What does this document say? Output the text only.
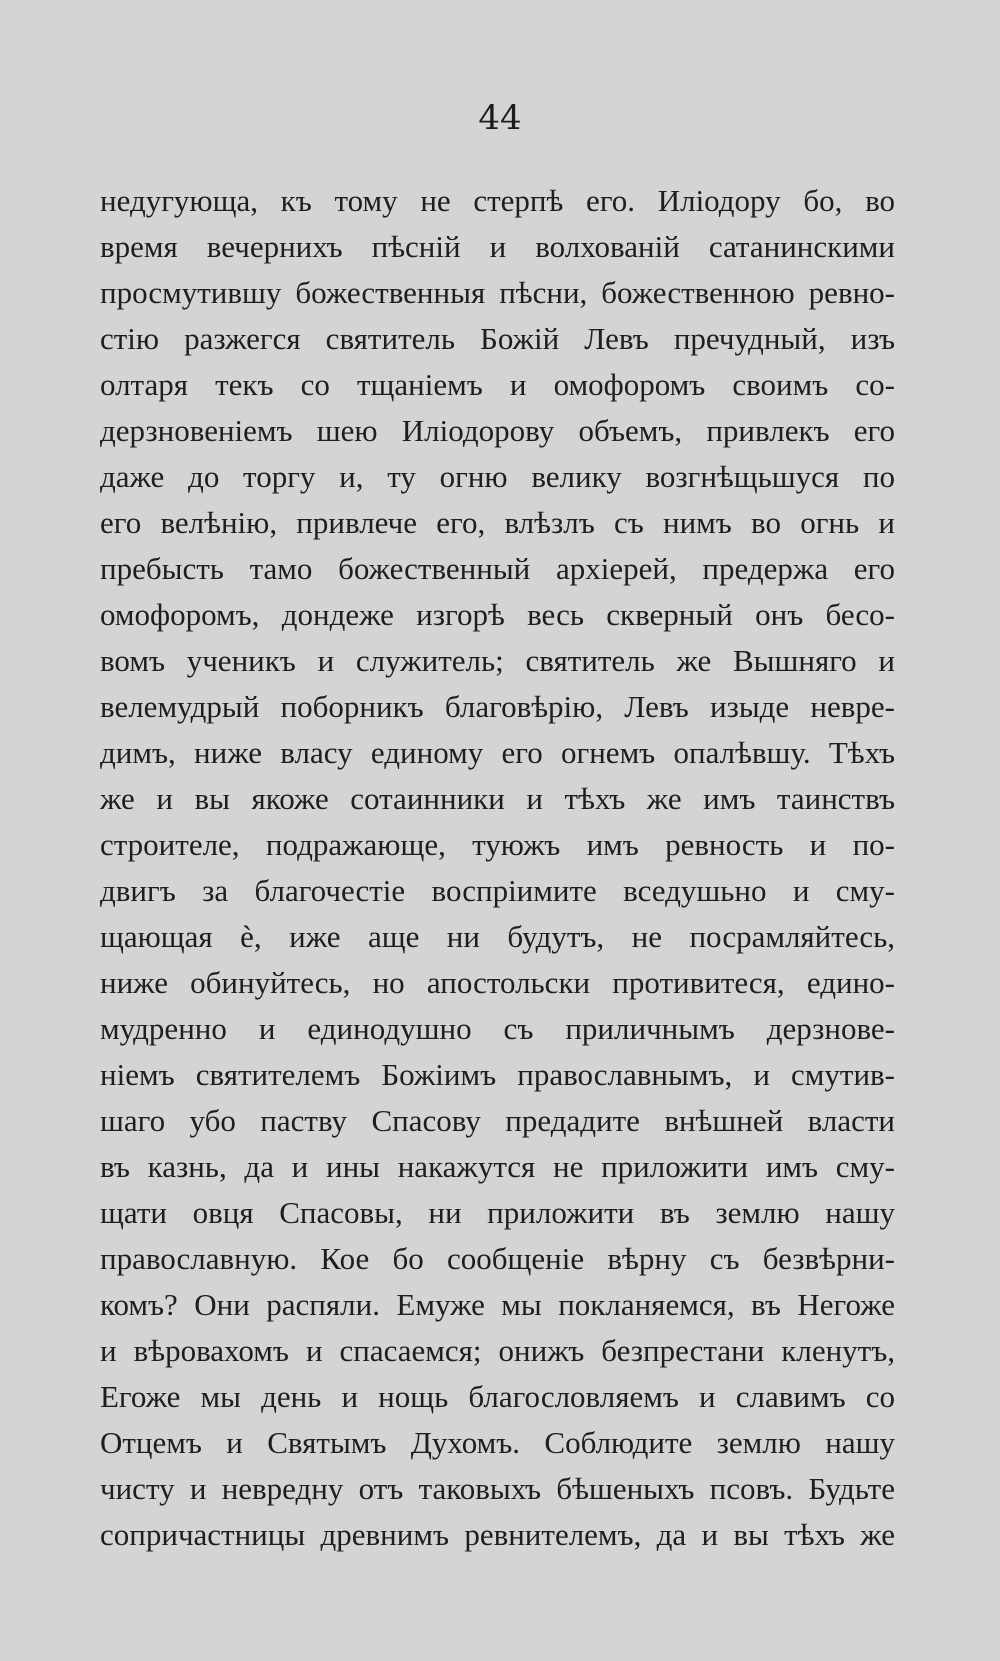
44
недугующа, къ тому не стерпѣ его. Иліодору бо, во
время вечернихъ пѣсній и волхованій сатанинскими
просмутившу божественныя пѣсни, божественною ревно-
стію разжегся святитель Божій Левъ пречудный, изъ
олтаря текъ со тщаніемъ и омофоромъ своимъ со-
дерзновеніемъ шею Иліодорову объемъ, привлекъ его
даже до торгу и, ту огню велику возгнѣщьшуся по
его велѣнію, привлече его, влѣзлъ съ нимъ во огнь и
пребысть тамо божественный архіерей, предержа его
омофоромъ, дондеже изгорѣ весь скверный онъ бесо-
вомъ ученикъ и служитель; святитель же Вышняго и
велемудрый поборникъ благовѣрію, Левъ изыде невре-
димъ, ниже власу единому его огнемъ опалѣвшу. Тѣхъ
же и вы якоже сотаинники и тѣхъ же имъ таинствъ
строителе, подражающе, туюжъ имъ ревность и по-
двигъ за благочестіе воспріимите вседушьно и сму-
щающая ѐ, иже аще ни будутъ, не посрамляйтесь,
ниже обинуйтесь, но апостольски противитеся, едино-
мудренно и единодушно съ приличнымъ дерзнове-
ніемъ святителемъ Божіимъ православнымъ, и смутив-
шаго убо паству Спасову предадите внѣшней власти
въ казнь, да и ины накажутся не приложити имъ сму-
щати овця Спасовы, ни приложити въ землю нашу
православную. Кое бо сообщеніе вѣрну съ безвѣрни-
комъ? Они распяли. Емуже мы покланяемся, въ Негоже
и вѣровахомъ и спасаемся; онижъ безпрестани кленутъ,
Егоже мы день и нощь благословляемъ и славимъ со
Отцемъ и Святымъ Духомъ. Соблюдите землю нашу
чисту и невредну отъ таковыхъ бѣшеныхъ псовъ. Будьте
сопричастницы древнимъ ревнителемъ, да и вы тѣхъ же
